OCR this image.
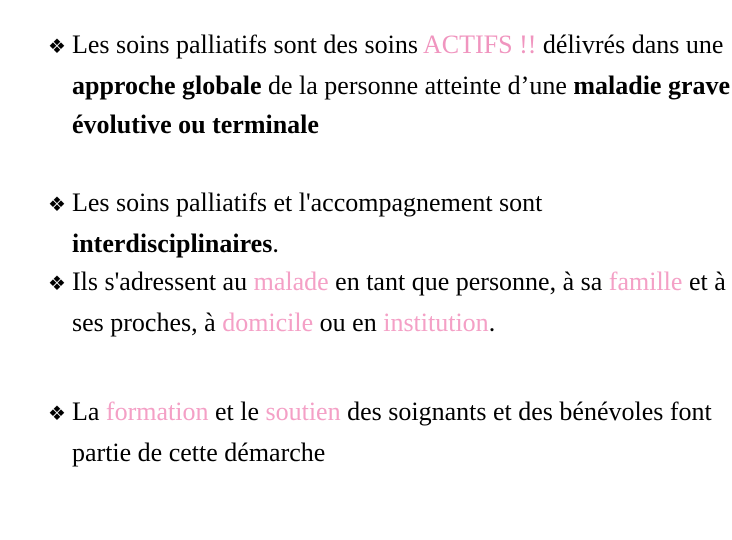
❖ Les soins palliatifs sont des soins ACTIFS !! délivrés dans une approche globale de la personne atteinte d’une maladie grave évolutive ou terminale
❖ Les soins palliatifs et l'accompagnement sont interdisciplinaires.
❖ Ils s'adressent au malade en tant que personne, à sa famille et à ses proches, à domicile ou en institution.
❖ La formation et le soutien des soignants et des bénévoles font partie de cette démarche
